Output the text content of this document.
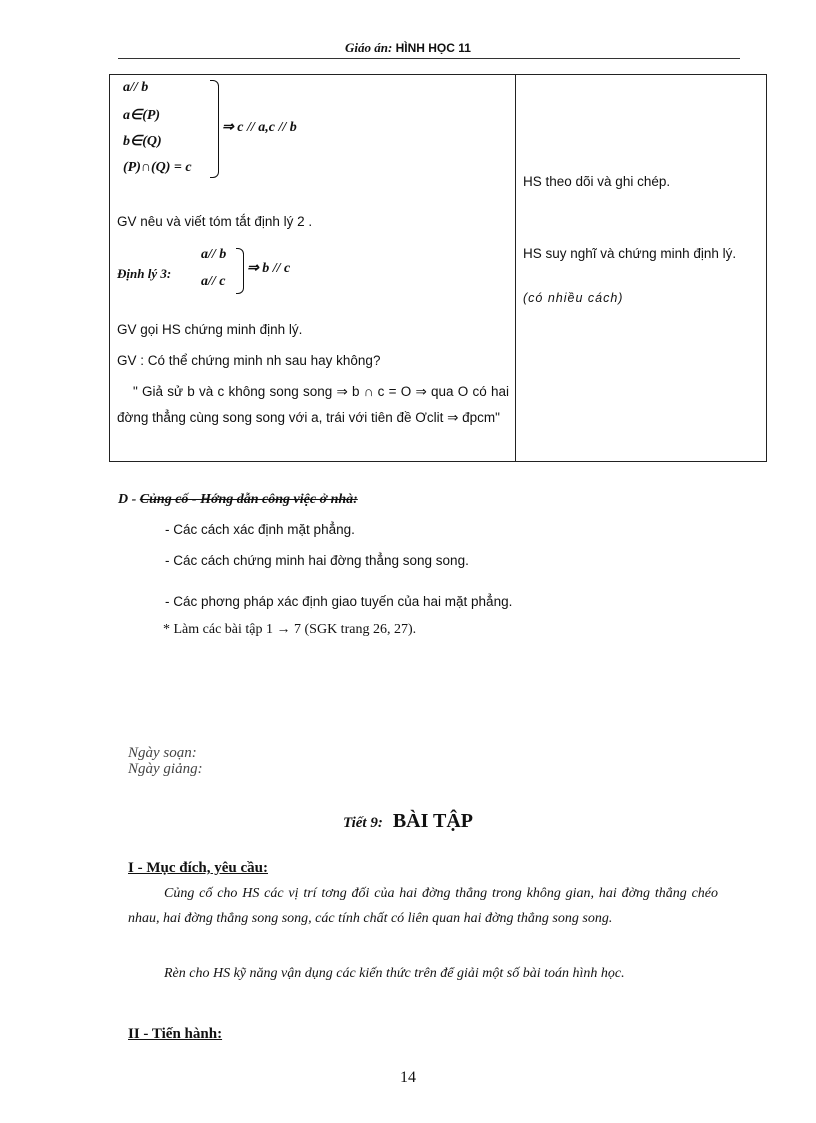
Giáo án: HÌNH HỌC 11
a// b
a∈(P)
b∈(Q)
(P)∩(Q) = c
⇒ c // a,c // b
GV nêu và viết tóm tắt định lý 2 .
Định lý 3:
a// b
a// c
⇒ b // c
GV gọi HS chứng minh định lý.
GV : Có thể chứng minh nh sau hay không?
" Giả sử b và c không song song ⇒ b ∩ c = O ⇒ qua O có hai đờng thẳng cùng song song với a, trái với tiên đề Ơclit ⇒ đpcm"
HS theo dõi và ghi chép.
HS suy nghĩ và chứng minh định lý.
(có nhiều cách)
D - Củng cố - Hớng dẫn công việc ở nhà:
- Các cách xác định mặt phẳng.
- Các cách chứng minh hai đờng thẳng song song.
- Các phơng pháp xác định giao tuyến của hai mặt phẳng.
* Làm các bài tập 1 → 7 (SGK trang 26, 27).
Ngày soạn:
Ngày giảng:
Tiết 9: BÀI TẬP
I - Mục đích, yêu cầu:
Củng cố cho HS các vị trí tơng đối của hai đờng thẳng trong không gian, hai đờng thẳng chéo nhau, hai đờng thẳng song song, các tính chất có liên quan hai đờng thẳng song song.
Rèn cho HS kỹ năng vận dụng các kiến thức trên để giải một số bài toán hình học.
II - Tiến hành:
14
